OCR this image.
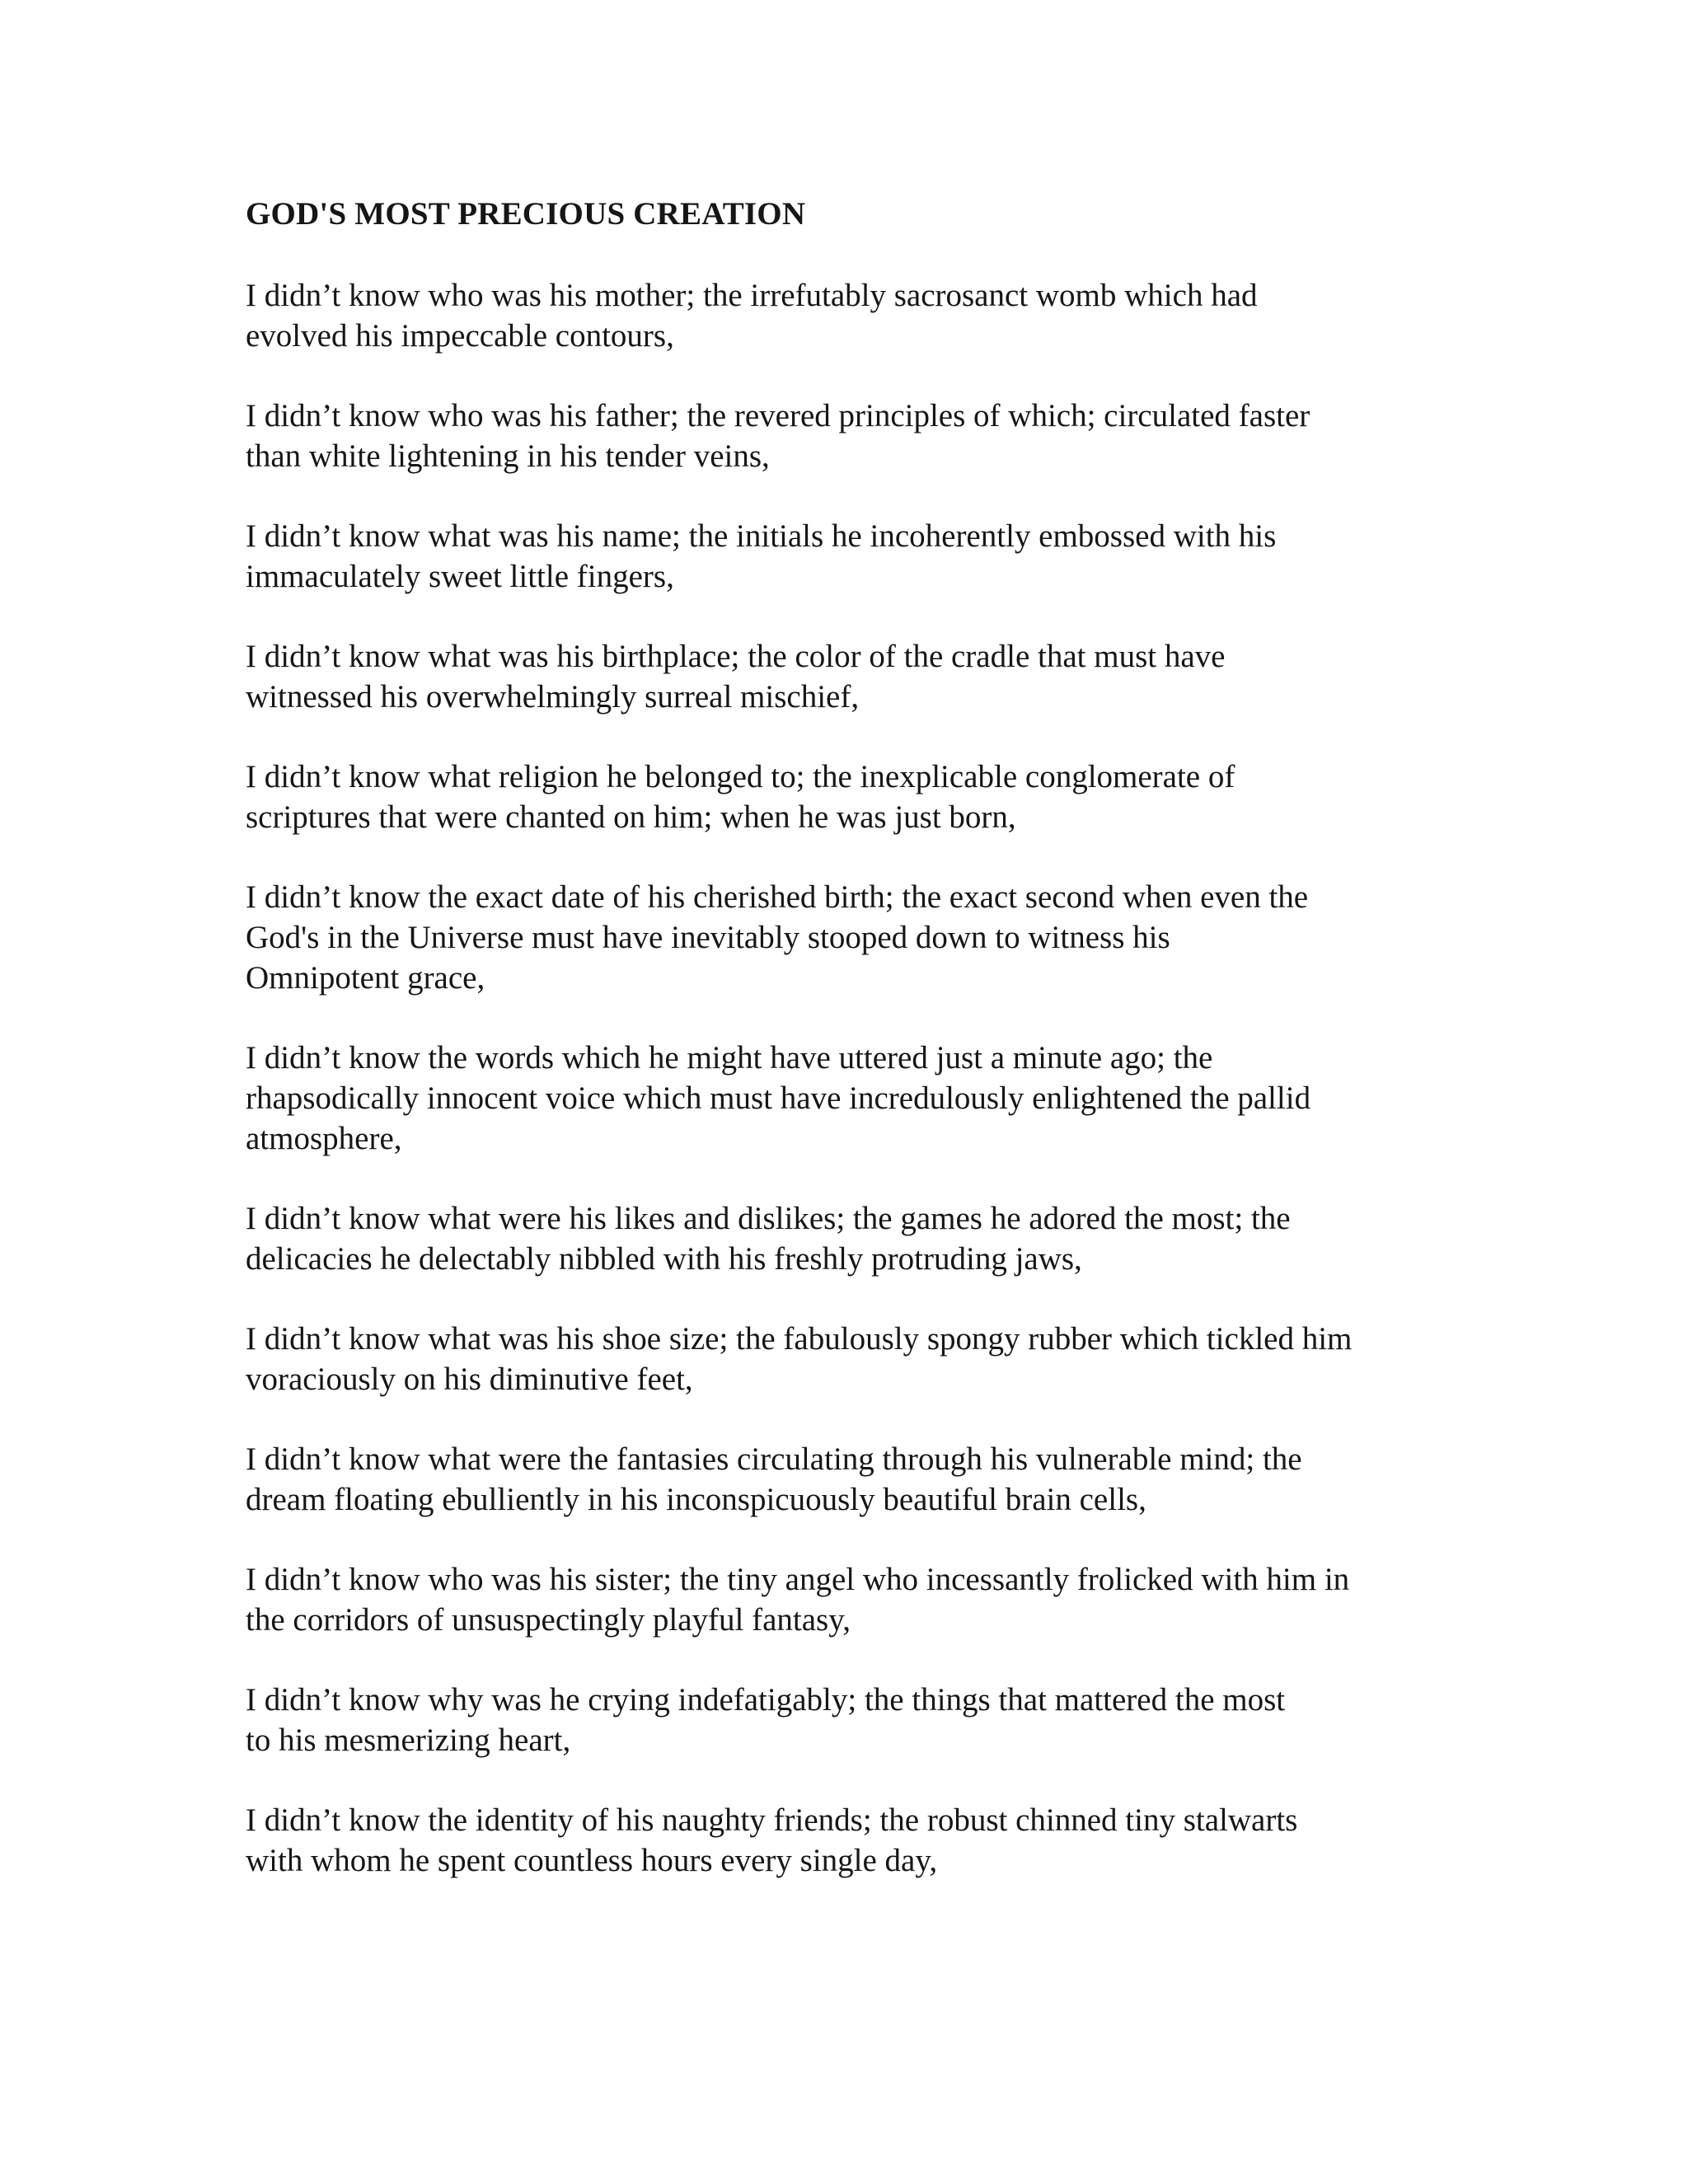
GOD'S MOST PRECIOUS CREATION
I didn’t know who was his mother; the irrefutably sacrosanct womb which had
evolved his impeccable contours,
I didn’t know who was his father; the revered principles of which; circulated faster
than white lightening in his tender veins,
I didn’t know what was his name; the initials he incoherently embossed with his
immaculately sweet little fingers,
I didn’t know what was his birthplace; the color of the cradle that must have
witnessed his overwhelmingly surreal mischief,
I didn’t know what religion he belonged to; the inexplicable conglomerate of
scriptures that were chanted on him; when he was just born,
I didn’t know the exact date of his cherished birth; the exact second when even the
God's in the Universe must have inevitably stooped down to witness his
Omnipotent grace,
I didn’t know the words which he might have uttered just a minute ago; the
rhapsodically innocent voice which must have incredulously enlightened the pallid
atmosphere,
I didn’t know what were his likes and dislikes; the games he adored the most; the
delicacies he delectably nibbled with his freshly protruding jaws,
I didn’t know what was his shoe size; the fabulously spongy rubber which tickled him
voraciously on his diminutive feet,
I didn’t know what were the fantasies circulating through his vulnerable mind; the
dream floating ebulliently in his inconspicuously beautiful brain cells,
I didn’t know who was his sister; the tiny angel who incessantly frolicked with him in
the corridors of unsuspectingly playful fantasy,
I didn’t know why was he crying indefatigably; the things that mattered the most
to his mesmerizing heart,
I didn’t know the identity of his naughty friends; the robust chinned tiny stalwarts
with whom he spent countless hours every single day,
